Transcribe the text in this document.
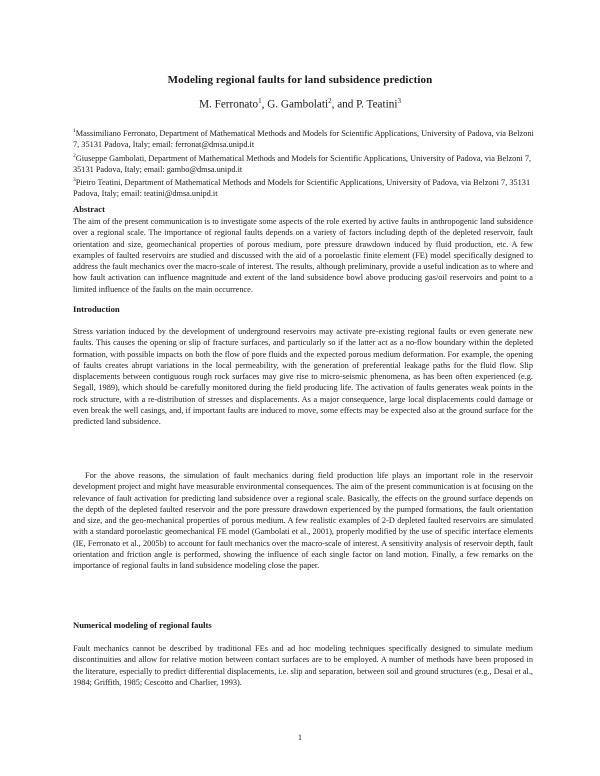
Modeling regional faults for land subsidence prediction
M. Ferronato$^1$, G. Gambolati$^2$, and P. Teatini$^3$

$^1$Massimiliano Ferronato, Department of Mathematical Methods and Models for Scientific Applications, University of Padova, via Belzoni 7, 35131 Padova, Italy; email: ferronat@dmsa.unipd.it

$^2$Giuseppe Gambolati, Department of Mathematical Methods and Models for Scientific Applications, University of Padova, via Belzoni 7, 35131 Padova, Italy; email: gambo@dmsa.unipd.it

$^3$Pietro Teatini, Department of Mathematical Methods and Models for Scientific Applications, University of Padova, via Belzoni 7, 35131 Padova, Italy; email: teatini@dmsa.unipd.it

Abstract

The aim of the present communication is to investigate some aspects of the role exerted by active faults in anthropogenic land subsidence over a regional scale. The importance of regional faults depends on a variety of factors including depth of the depleted reservoir, fault orientation and size, geomechanical properties of porous medium, pore pressure drawdown induced by fluid production, etc. A few examples of faulted reservoirs are studied and discussed with the aid of a poroelastic finite element (FE) model specifically designed to address the fault mechanics over the macro-scale of interest. The results, although preliminary, provide a useful indication as to where and how fault activation can influence magnitude and extent of the land subsidence bowl above producing gas/oil reservoirs and point to a limited influence of the faults on the main occurrence.

Introduction

Stress variation induced by the development of underground reservoirs may activate pre-existing regional faults or even generate new faults. This causes the opening or slip of fracture surfaces, and particularly so if the latter act as a no-flow boundary within the depleted formation, with possible impacts on both the flow of pore fluids and the expected porous medium deformation. For example, the opening of faults creates abrupt variations in the local permeability, with the generation of preferential leakage paths for the fluid flow. Slip displacements between contiguous rough rock surfaces may give rise to micro-seismic phenomena, as has been often experienced (e.g. Segall, 1989), which should be carefully monitored during the field producing life. The activation of faults generates weak points in the rock structure, with a re-distribution of stresses and displacements. As a major consequence, large local displacements could damage or even break the well casings, and, if important faults are induced to move, some effects may be expected also at the ground surface for the predicted land subsidence.

For the above reasons, the simulation of fault mechanics during field production life plays an important role in the reservoir development project and might have measurable environmental consequences. The aim of the present communication is at focusing on the relevance of fault activation for predicting land subsidence over a regional scale. Basically, the effects on the ground surface depends on the depth of the depleted faulted reservoir and the pore pressure drawdown experienced by the pumped formations, the fault orientation and size, and the geo-mechanical properties of porous medium. A few realistic examples of 2-D depleted faulted reservoirs are simulated with a standard poroelastic geomechanical FE model (Gambolati et al., 2001), properly modified by the use of specific interface elements (IE, Ferronato et al., 2005b) to account for fault mechanics over the macro-scale of interest. A sensitivity analysis of reservoir depth, fault orientation and friction angle is performed, showing the influence of each single factor on land motion. Finally, a few remarks on the importance of regional faults in land subsidence modeling close the paper.

Numerical modeling of regional faults

Fault mechanics cannot be described by traditional FEs and ad hoc modeling techniques specifically designed to simulate medium discontinuities and allow for relative motion between contact surfaces are to be employed. A number of methods have been proposed in the literature, especially to predict differential displacements, i.e. slip and separation, between soil and ground structures (e.g., Desai et al., 1984; Griffith, 1985; Cescotto and Charlier, 1993).

1
